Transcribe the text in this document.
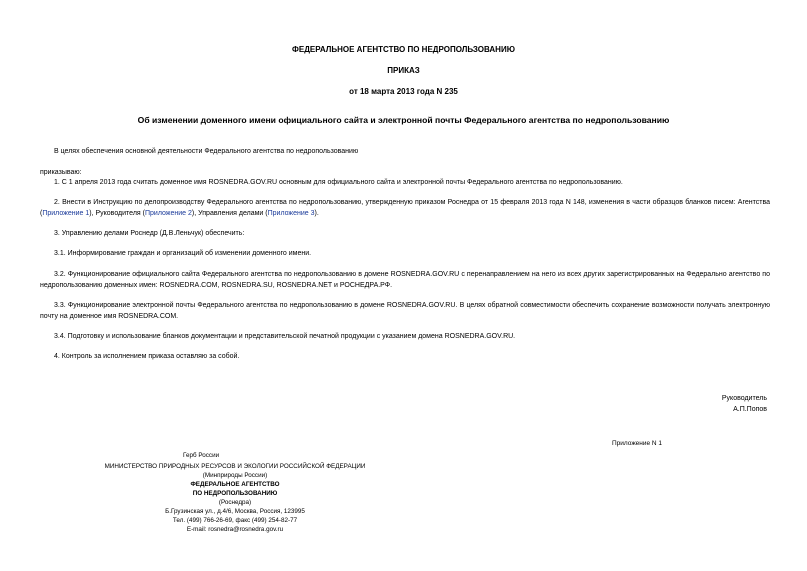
ФЕДЕРАЛЬНОЕ АГЕНТСТВО ПО НЕДРОПОЛЬЗОВАНИЮ
ПРИКАЗ
от 18 марта 2013 года N 235
Об изменении доменного имени официального сайта и электронной почты Федерального агентства по недропользованию
В целях обеспечения основной деятельности Федерального агентства по недропользованию
приказываю:
1. С 1 апреля 2013 года считать доменное имя ROSNEDRA.GOV.RU основным для официального сайта и электронной почты Федерального агентства по недропользованию.
2. Внести в Инструкцию по делопроизводству Федерального агентства по недропользованию, утвержденную приказом Роснедра от 15 февраля 2013 года N 148, изменения в части образцов бланков писем: Агентства (Приложение 1), Руководителя (Приложение 2), Управления делами (Приложение 3).
3. Управлению делами Роснедр (Д.В.Леньчук) обеспечить:
3.1. Информирование граждан и организаций об изменении доменного имени.
3.2. Функционирование официального сайта Федерального агентства по недропользованию в домене ROSNEDRA.GOV.RU с перенаправлением на него из всех других зарегистрированных на Федерально агентство по недропользованию доменных имен: ROSNEDRA.COM, ROSNEDRA.SU, ROSNEDRA.NET и РОСНЕДРА.РФ.
3.3. Функционирование электронной почты Федерального агентства по недропользованию в домене ROSNEDRA.GOV.RU. В целях обратной совместимости обеспечить сохранение возможности получать электронную почту на доменное имя ROSNEDRA.COM.
3.4. Подготовку и использование бланков документации и представительской печатной продукции с указанием домена ROSNEDRA.GOV.RU.
4. Контроль за исполнением приказа оставляю за собой.
Руководитель
А.П.Попов
Приложение N 1
Герб России
МИНИСТЕРСТВО ПРИРОДНЫХ РЕСУРСОВ И ЭКОЛОГИИ РОССИЙСКОЙ ФЕДЕРАЦИИ
(Минприроды России)
ФЕДЕРАЛЬНОЕ АГЕНТСТВО
ПО НЕДРОПОЛЬЗОВАНИЮ
(Роснедра)
Б.Грузинская ул., д.4/6, Москва, Россия, 123995
Тел. (499) 766-26-69, факс (499) 254-82-77
E-mail: rosnedra@rosnedra.gov.ru
